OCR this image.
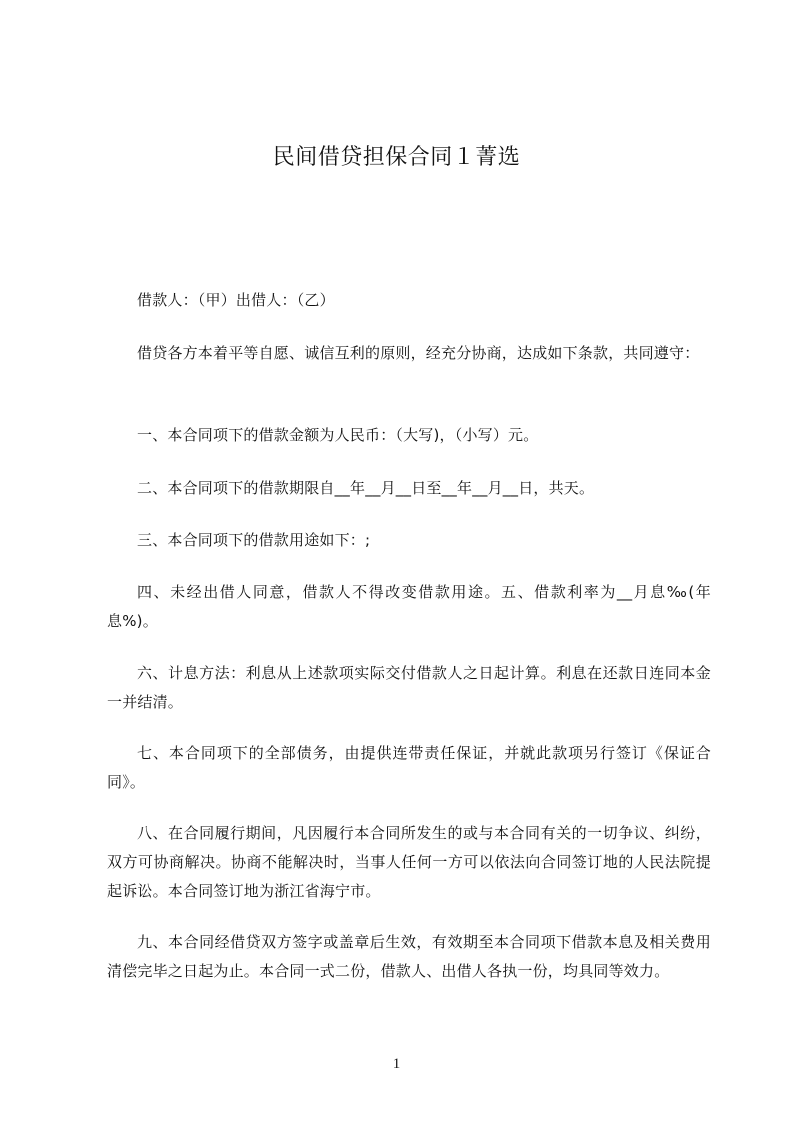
民间借贷担保合同１菁选

借款人：（甲）出借人：（乙）

借贷各方本着平等自愿、诚信互利的原则，经充分协商，达成如下条款，共同遵守：

一、本合同项下的借款金额为人民币：（大写)，（小写）元。

二、本合同项下的借款期限自__年__月__日至__年__月__日，共天。

三、本合同项下的借款用途如下：;

四、未经出借人同意，借款人不得改变借款用途。五、借款利率为__月息‰(年息%)。

六、计息方法：利息从上述款项实际交付借款人之日起计算。利息在还款日连同本金一并结清。

七、本合同项下的全部债务，由提供连带责任保证，并就此款项另行签订《保证合同》。

八、在合同履行期间，凡因履行本合同所发生的或与本合同有关的一切争议、纠纷，双方可协商解决。协商不能解决时，当事人任何一方可以依法向合同签订地的人民法院提起诉讼。本合同签订地为浙江省海宁市。

九、本合同经借贷双方签字或盖章后生效，有效期至本合同项下借款本息及相关费用清偿完毕之日起为止。本合同一式二份，借款人、出借人各执一份，均具同等效力。

1
